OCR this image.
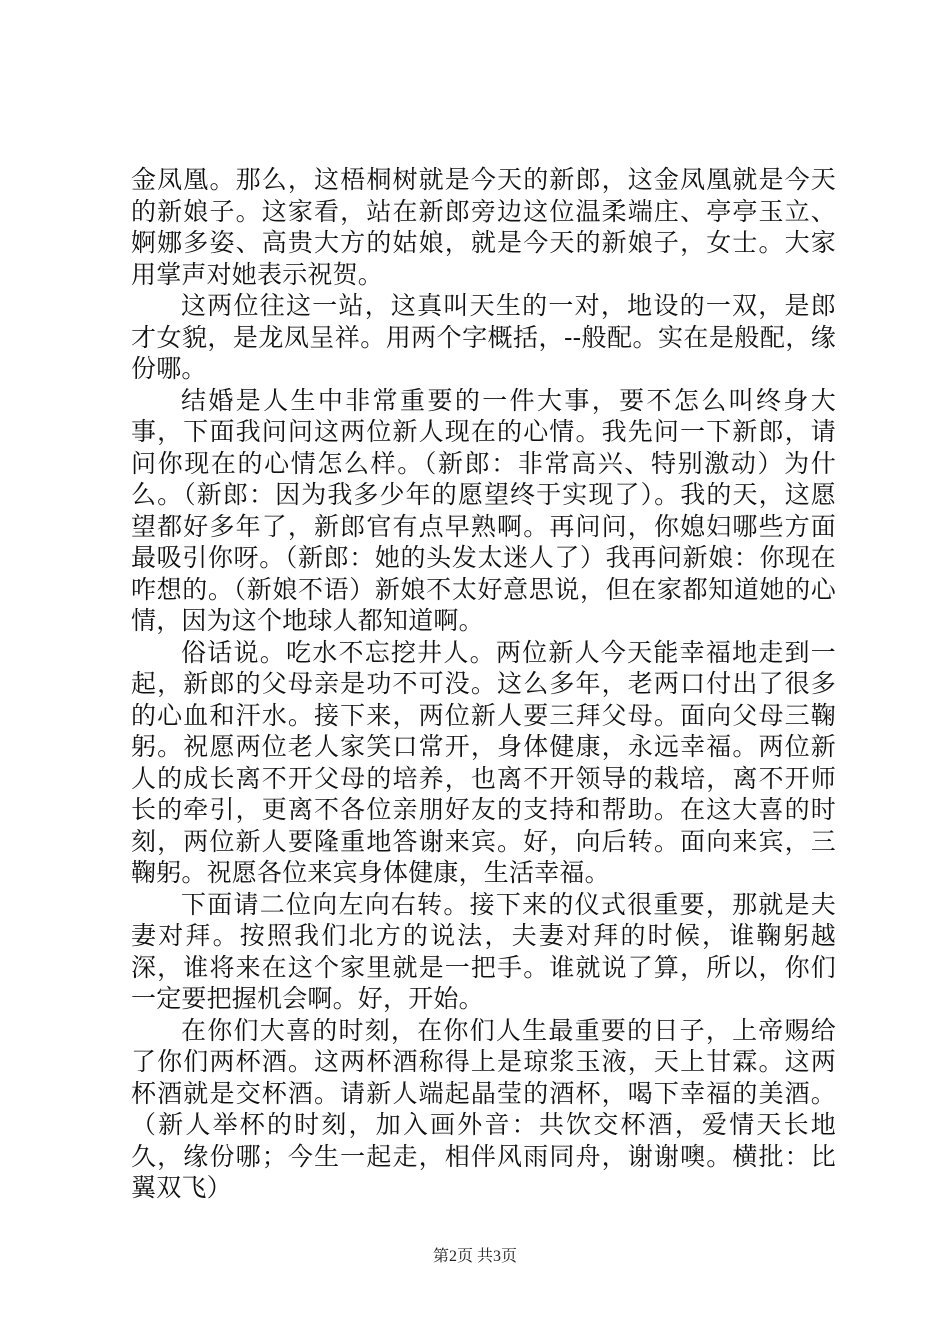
金凤凰。那么，这梧桐树就是今天的新郎，这金凤凰就是今天的新娘子。这家看，站在新郎旁边这位温柔端庄、亭亭玉立、婀娜多姿、高贵大方的姑娘，就是今天的新娘子，女士。大家用掌声对她表示祝贺。

这两位往这一站，这真叫天生的一对，地设的一双，是郎才女貌，是龙凤呈祥。用两个字概括，--般配。实在是般配，缘份哪。

结婚是人生中非常重要的一件大事，要不怎么叫终身大事，下面我问问这两位新人现在的心情。我先问一下新郎，请问你现在的心情怎么样。（新郎：非常高兴、特别激动）为什么。（新郎：因为我多少年的愿望终于实现了）。我的天，这愿望都好多年了，新郎官有点早熟啊。再问问，你媳妇哪些方面最吸引你呀。（新郎：她的头发太迷人了）我再问新娘：你现在咋想的。（新娘不语）新娘不太好意思说，但在家都知道她的心情，因为这个地球人都知道啊。

俗话说。吃水不忘挖井人。两位新人今天能幸福地走到一起，新郎的父母亲是功不可没。这么多年，老两口付出了很多的心血和汗水。接下来，两位新人要三拜父母。面向父母三鞠躬。祝愿两位老人家笑口常开，身体健康，永远幸福。两位新人的成长离不开父母的培养，也离不开领导的栽培，离不开师长的牵引，更离不各位亲朋好友的支持和帮助。在这大喜的时刻，两位新人要隆重地答谢来宾。好，向后转。面向来宾，三鞠躬。祝愿各位来宾身体健康，生活幸福。

下面请二位向左向右转。接下来的仪式很重要，那就是夫妻对拜。按照我们北方的说法，夫妻对拜的时候，谁鞠躬越深，谁将来在这个家里就是一把手。谁就说了算，所以，你们一定要把握机会啊。好，开始。

在你们大喜的时刻，在你们人生最重要的日子，上帝赐给了你们两杯酒。这两杯酒称得上是琼浆玉液，天上甘霖。这两杯酒就是交杯酒。请新人端起晶莹的酒杯，喝下幸福的美酒。（新人举杯的时刻，加入画外音：共饮交杯酒，爱情天长地久，缘份哪；今生一起走，相伴风雨同舟，谢谢噢。横批：比翼双飞）

第2页 共3页
